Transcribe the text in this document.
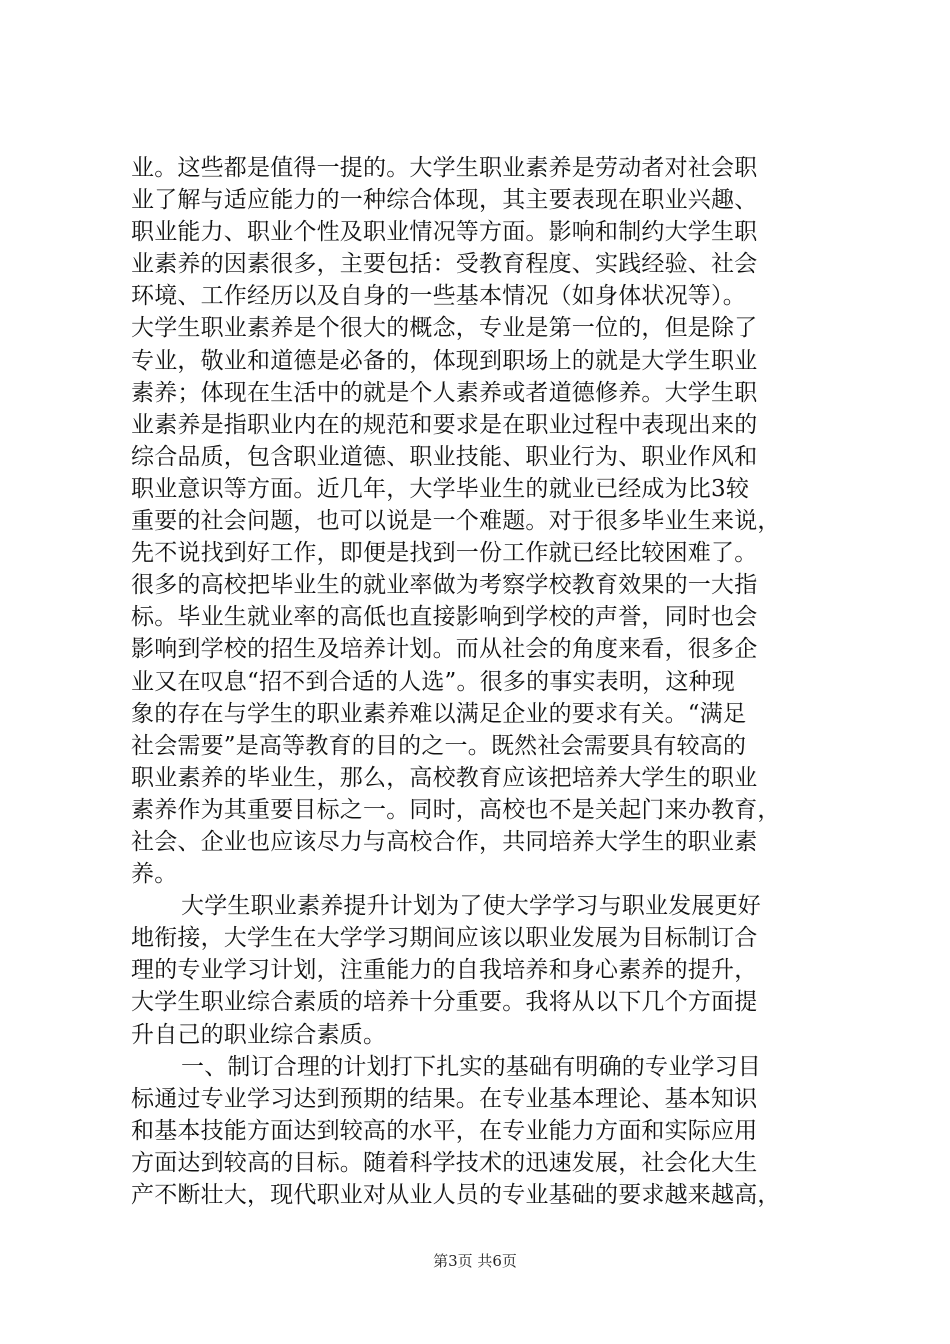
业。这些都是值得一提的。大学生职业素养是劳动者对社会职
业了解与适应能力的一种综合体现，其主要表现在职业兴趣、
职业能力、职业个性及职业情况等方面。影响和制约大学生职
业素养的因素很多，主要包括：受教育程度、实践经验、社会
环境、工作经历以及自身的一些基本情况（如身体状况等）。
大学生职业素养是个很大的概念，专业是第一位的，但是除了
专业，敬业和道德是必备的，体现到职场上的就是大学生职业
素养；体现在生活中的就是个人素养或者道德修养。大学生职
业素养是指职业内在的规范和要求是在职业过程中表现出来的
综合品质，包含职业道德、职业技能、职业行为、职业作风和
职业意识等方面。近几年，大学毕业生的就业已经成为比3较
重要的社会问题，也可以说是一个难题。对于很多毕业生来说，
先不说找到好工作，即便是找到一份工作就已经比较困难了。
很多的高校把毕业生的就业率做为考察学校教育效果的一大指
标。毕业生就业率的高低也直接影响到学校的声誉，同时也会
影响到学校的招生及培养计划。而从社会的角度来看，很多企
业又在叹息“招不到合适的人选”。很多的事实表明，这种现
象的存在与学生的职业素养难以满足企业的要求有关。“满足
社会需要”是高等教育的目的之一。既然社会需要具有较高的
职业素养的毕业生，那么，高校教育应该把培养大学生的职业
素养作为其重要目标之一。同时，高校也不是关起门来办教育，
社会、企业也应该尽力与高校合作，共同培养大学生的职业素
养。
大学生职业素养提升计划为了使大学学习与职业发展更好
地衔接，大学生在大学学习期间应该以职业发展为目标制订合
理的专业学习计划，注重能力的自我培养和身心素养的提升，
大学生职业综合素质的培养十分重要。我将从以下几个方面提
升自己的职业综合素质。
一、制订合理的计划打下扎实的基础有明确的专业学习目
标通过专业学习达到预期的结果。在专业基本理论、基本知识
和基本技能方面达到较高的水平，在专业能力方面和实际应用
方面达到较高的目标。随着科学技术的迅速发展，社会化大生
产不断壮大，现代职业对从业人员的专业基础的要求越来越高，
第3页 共6页
